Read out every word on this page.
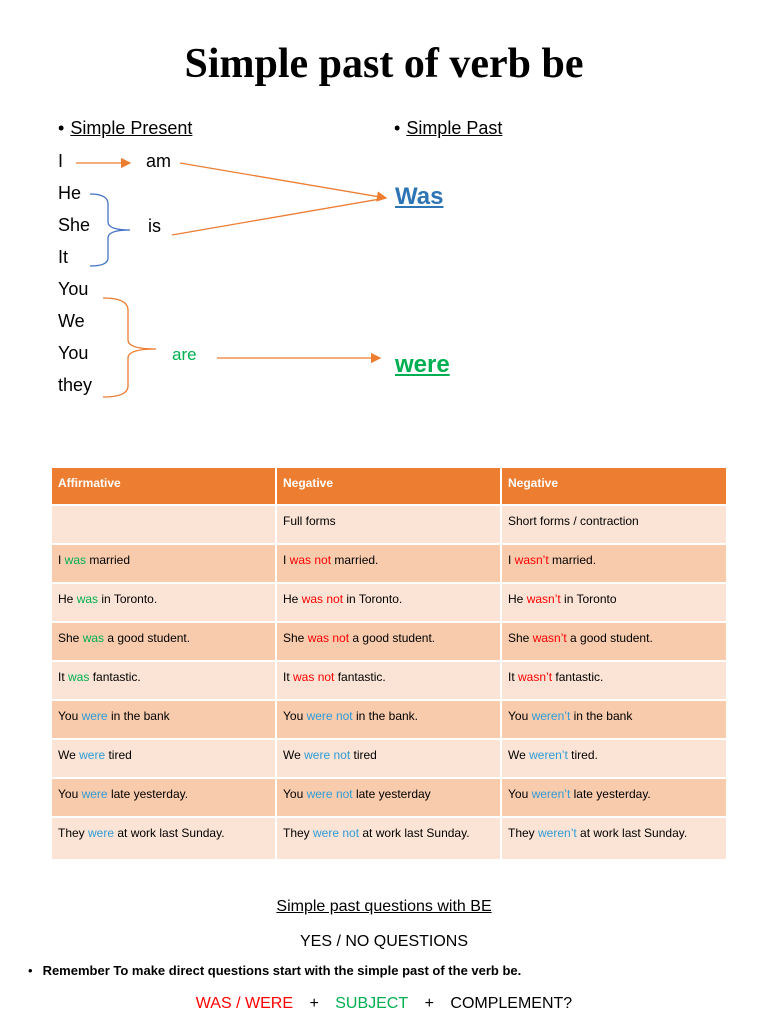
Simple past of verb be
• Simple Present	• Simple Past
I
He
She
It
You
We
You
they
am
is
are
Was
were
Affirmative	Negative	Negative
	Full forms	Short forms / contraction
I was married	I was not married.	I wasn’t married.
He was in Toronto.	He was not in Toronto.	He wasn’t in Toronto
She was a good student.	She was not a good student.	She wasn’t a good student.
It was fantastic.	It was not fantastic.	It wasn’t fantastic.
You were in the bank	You were not in the bank.	You weren’t in the bank
We were tired	We were not tired	We weren’t tired.
You were late yesterday.	You were not late yesterday	You weren’t late yesterday.
They were at work last Sunday.	They were not at work last Sunday.	They weren’t at work last Sunday.
Simple past questions with BE
YES / NO QUESTIONS
• Remember To make direct questions start with the simple past of the verb be.
WAS / WERE + SUBJECT + COMPLEMENT?
